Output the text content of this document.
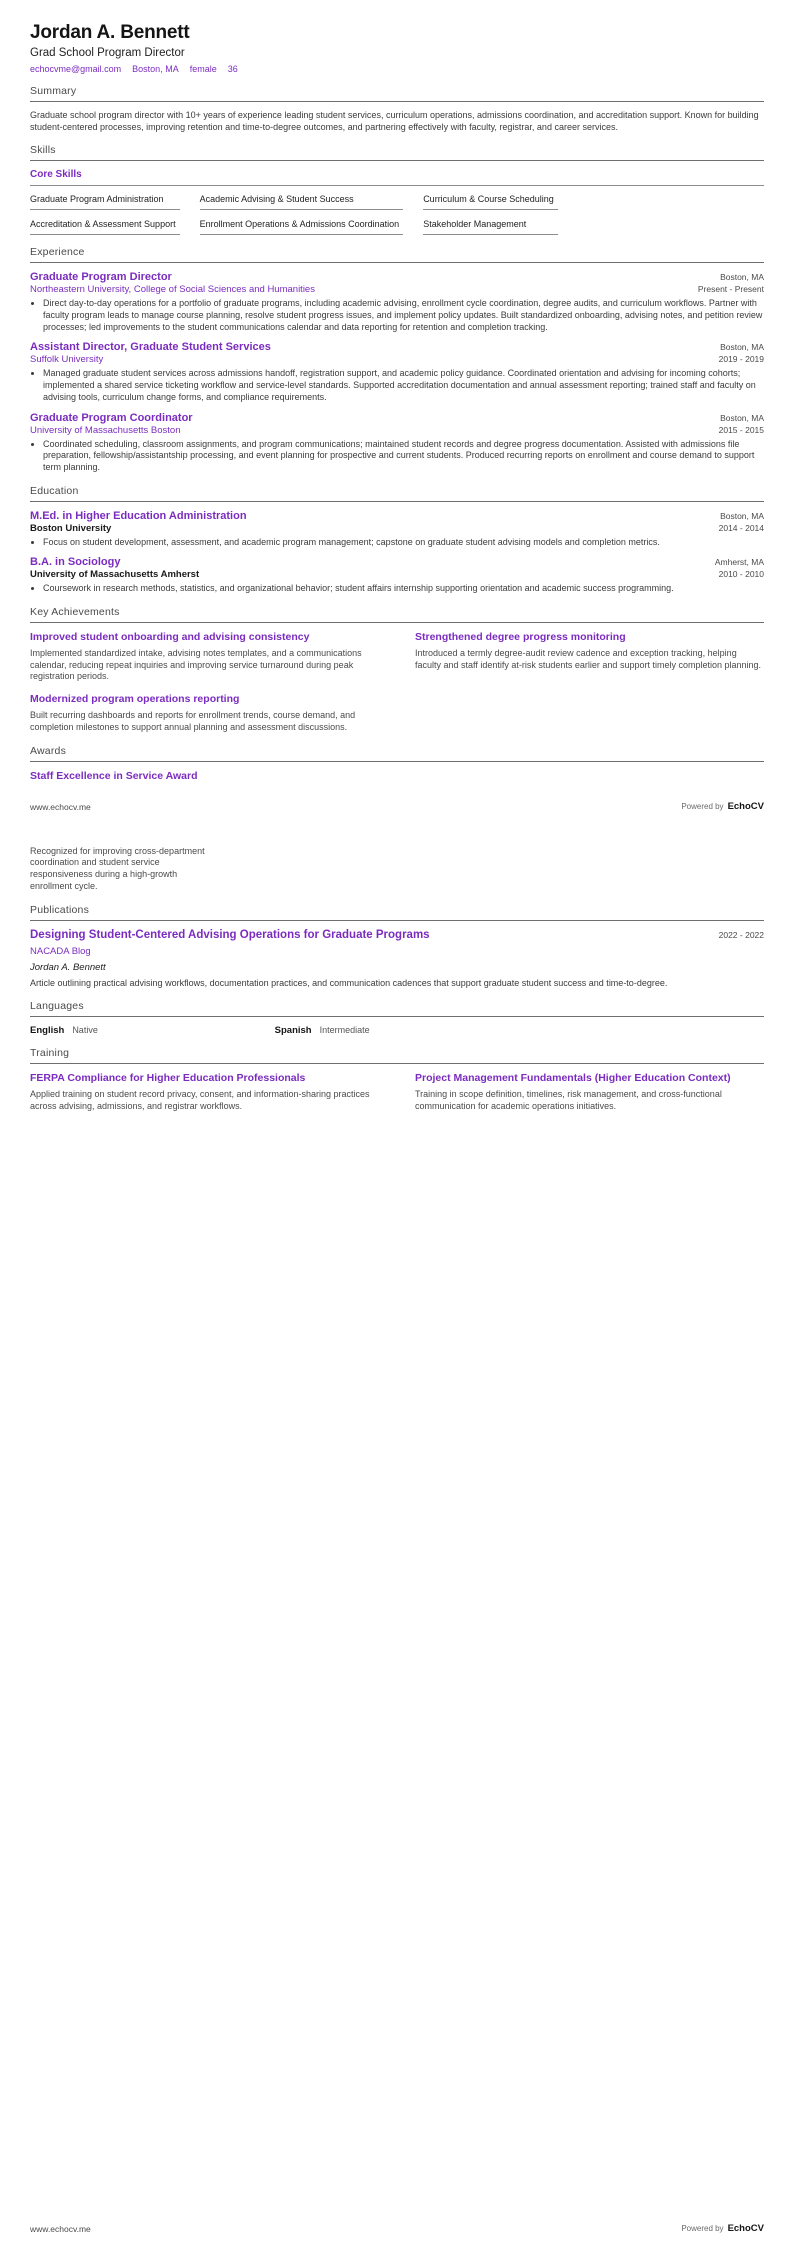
Jordan A. Bennett
Grad School Program Director
echocvme@gmail.com Boston, MA female 36
Summary

Graduate school program director with 10+ years of experience leading student services, curriculum operations, admissions coordination, and accreditation support. Known for building student-centered processes, improving retention and time-to-degree outcomes, and partnering effectively with faculty, registrar, and career services.

Skills
Core Skills
Graduate Program Administration	Academic Advising & Student Success	Curriculum & Course Scheduling
Accreditation & Assessment Support	Enrollment Operations & Admissions Coordination	Stakeholder Management
Experience
Graduate Program Director	Boston, MA
Northeastern University, College of Social Sciences and Humanities	Present - Present
• Direct day-to-day operations for a portfolio of graduate programs, including academic advising, enrollment cycle coordination, degree audits, and curriculum workflows. Partner with faculty program leads to manage course planning, resolve student progress issues, and implement policy updates. Built standardized onboarding, advising notes, and petition review processes; led improvements to the student communications calendar and data reporting for retention and completion tracking.
Assistant Director, Graduate Student Services	Boston, MA
Suffolk University	2019 - 2019
• Managed graduate student services across admissions handoff, registration support, and academic policy guidance. Coordinated orientation and advising for incoming cohorts; implemented a shared service ticketing workflow and service-level standards. Supported accreditation documentation and annual assessment reporting; trained staff and faculty on advising tools, curriculum change forms, and compliance requirements.
Graduate Program Coordinator	Boston, MA
University of Massachusetts Boston	2015 - 2015
• Coordinated scheduling, classroom assignments, and program communications; maintained student records and degree progress documentation. Assisted with admissions file preparation, fellowship/assistantship processing, and event planning for prospective and current students. Produced recurring reports on enrollment and course demand to support term planning.
Education
M.Ed. in Higher Education Administration	Boston, MA
Boston University	2014 - 2014
• Focus on student development, assessment, and academic program management; capstone on graduate student advising models and completion metrics.
B.A. in Sociology	Amherst, MA
University of Massachusetts Amherst	2010 - 2010
• Coursework in research methods, statistics, and organizational behavior; student affairs internship supporting orientation and academic success programming.
Key Achievements
Improved student onboarding and advising consistency

Implemented standardized intake, advising notes templates, and a communications calendar, reducing repeat inquiries and improving service turnaround during peak registration periods.

Strengthened degree progress monitoring

Introduced a termly degree-audit review cadence and exception tracking, helping faculty and staff identify at-risk students earlier and support timely completion planning.

Modernized program operations reporting

Built recurring dashboards and reports for enrollment trends, course demand, and completion milestones to support annual planning and assessment discussions.

Awards
Staff Excellence in Service Award
www.echocv.me	Powered by EchoCV

Recognized for improving cross-department coordination and student service responsiveness during a high-growth enrollment cycle.

Publications
Designing Student-Centered Advising Operations for Graduate Programs	2022 - 2022
NACADA Blog
Jordan A. Bennett

Article outlining practical advising workflows, documentation practices, and communication cadences that support graduate student success and time-to-degree.

Languages
English Native	Spanish Intermediate
Training
FERPA Compliance for Higher Education Professionals

Applied training on student record privacy, consent, and information-sharing practices across advising, admissions, and registrar workflows.

Project Management Fundamentals (Higher Education Context)

Training in scope definition, timelines, risk management, and cross-functional communication for academic operations initiatives.

www.echocv.me	Powered by EchoCV
